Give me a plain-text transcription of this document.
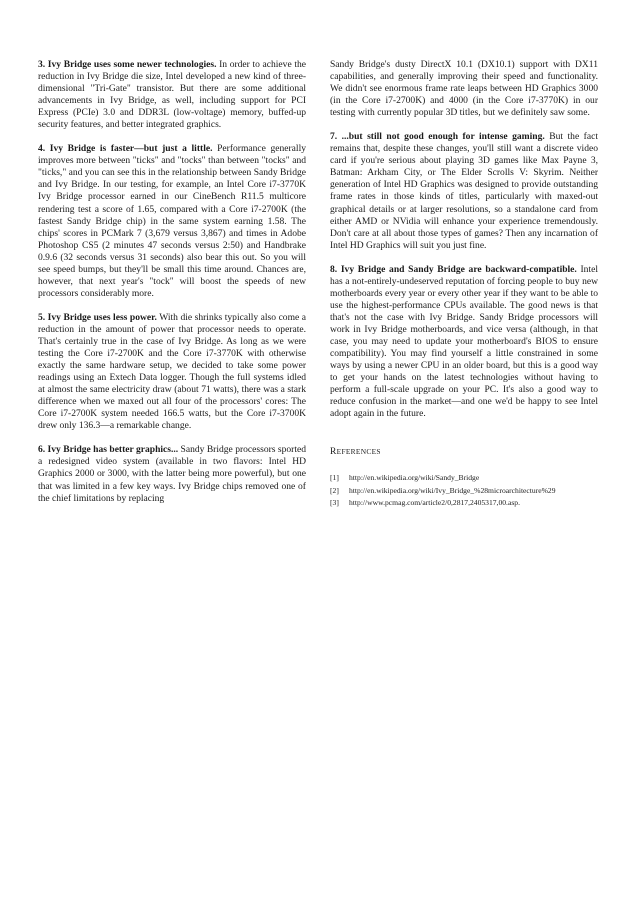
3. Ivy Bridge uses some newer technologies. In order to achieve the reduction in Ivy Bridge die size, Intel developed a new kind of three-dimensional "Tri-Gate" transistor. But there are some additional advancements in Ivy Bridge, as well, including support for PCI Express (PCIe) 3.0 and DDR3L (low-voltage) memory, buffed-up security features, and better integrated graphics.

4. Ivy Bridge is faster—but just a little. Performance generally improves more between "ticks" and "tocks" than between "tocks" and "ticks," and you can see this in the relationship between Sandy Bridge and Ivy Bridge. In our testing, for example, an Intel Core i7-3770K Ivy Bridge processor earned in our CineBench R11.5 multicore rendering test a score of 1.65, compared with a Core i7-2700K (the fastest Sandy Bridge chip) in the same system earning 1.58. The chips' scores in PCMark 7 (3,679 versus 3,867) and times in Adobe Photoshop CS5 (2 minutes 47 seconds versus 2:50) and Handbrake 0.9.6 (32 seconds versus 31 seconds) also bear this out. So you will see speed bumps, but they'll be small this time around. Chances are, however, that next year's "tock" will boost the speeds of new processors considerably more.

5. Ivy Bridge uses less power. With die shrinks typically also come a reduction in the amount of power that processor needs to operate. That's certainly true in the case of Ivy Bridge. As long as we were testing the Core i7-2700K and the Core i7-3770K with otherwise exactly the same hardware setup, we decided to take some power readings using an Extech Data logger. Though the full systems idled at almost the same electricity draw (about 71 watts), there was a stark difference when we maxed out all four of the processors' cores: The Core i7-2700K system needed 166.5 watts, but the Core i7-3700K drew only 136.3—a remarkable change.

6. Ivy Bridge has better graphics... Sandy Bridge processors sported a redesigned video system (available in two flavors: Intel HD Graphics 2000 or 3000, with the latter being more powerful), but one that was limited in a few key ways. Ivy Bridge chips removed one of the chief limitations by replacing

Sandy Bridge's dusty DirectX 10.1 (DX10.1) support with DX11 capabilities, and generally improving their speed and functionality. We didn't see enormous frame rate leaps between HD Graphics 3000 (in the Core i7-2700K) and 4000 (in the Core i7-3770K) in our testing with currently popular 3D titles, but we definitely saw some.

7. ...but still not good enough for intense gaming. But the fact remains that, despite these changes, you'll still want a discrete video card if you're serious about playing 3D games like Max Payne 3, Batman: Arkham City, or The Elder Scrolls V: Skyrim. Neither generation of Intel HD Graphics was designed to provide outstanding frame rates in those kinds of titles, particularly with maxed-out graphical details or at larger resolutions, so a standalone card from either AMD or NVidia will enhance your experience tremendously. Don't care at all about those types of games? Then any incarnation of Intel HD Graphics will suit you just fine.

8. Ivy Bridge and Sandy Bridge are backward-compatible. Intel has a not-entirely-undeserved reputation of forcing people to buy new motherboards every year or every other year if they want to be able to use the highest-performance CPUs available. The good news is that that's not the case with Ivy Bridge. Sandy Bridge processors will work in Ivy Bridge motherboards, and vice versa (although, in that case, you may need to update your motherboard's BIOS to ensure compatibility). You may find yourself a little constrained in some ways by using a newer CPU in an older board, but this is a good way to get your hands on the latest technologies without having to perform a full-scale upgrade on your PC. It's also a good way to reduce confusion in the market—and one we'd be happy to see Intel adopt again in the future.

REFERENCES
[1]	http://en.wikipedia.org/wiki/Sandy_Bridge
[2]	http://en.wikipedia.org/wiki/Ivy_Bridge_%28microarchitecture%29
[3]	http://www.pcmag.com/article2/0,2817,2405317,00.asp.
